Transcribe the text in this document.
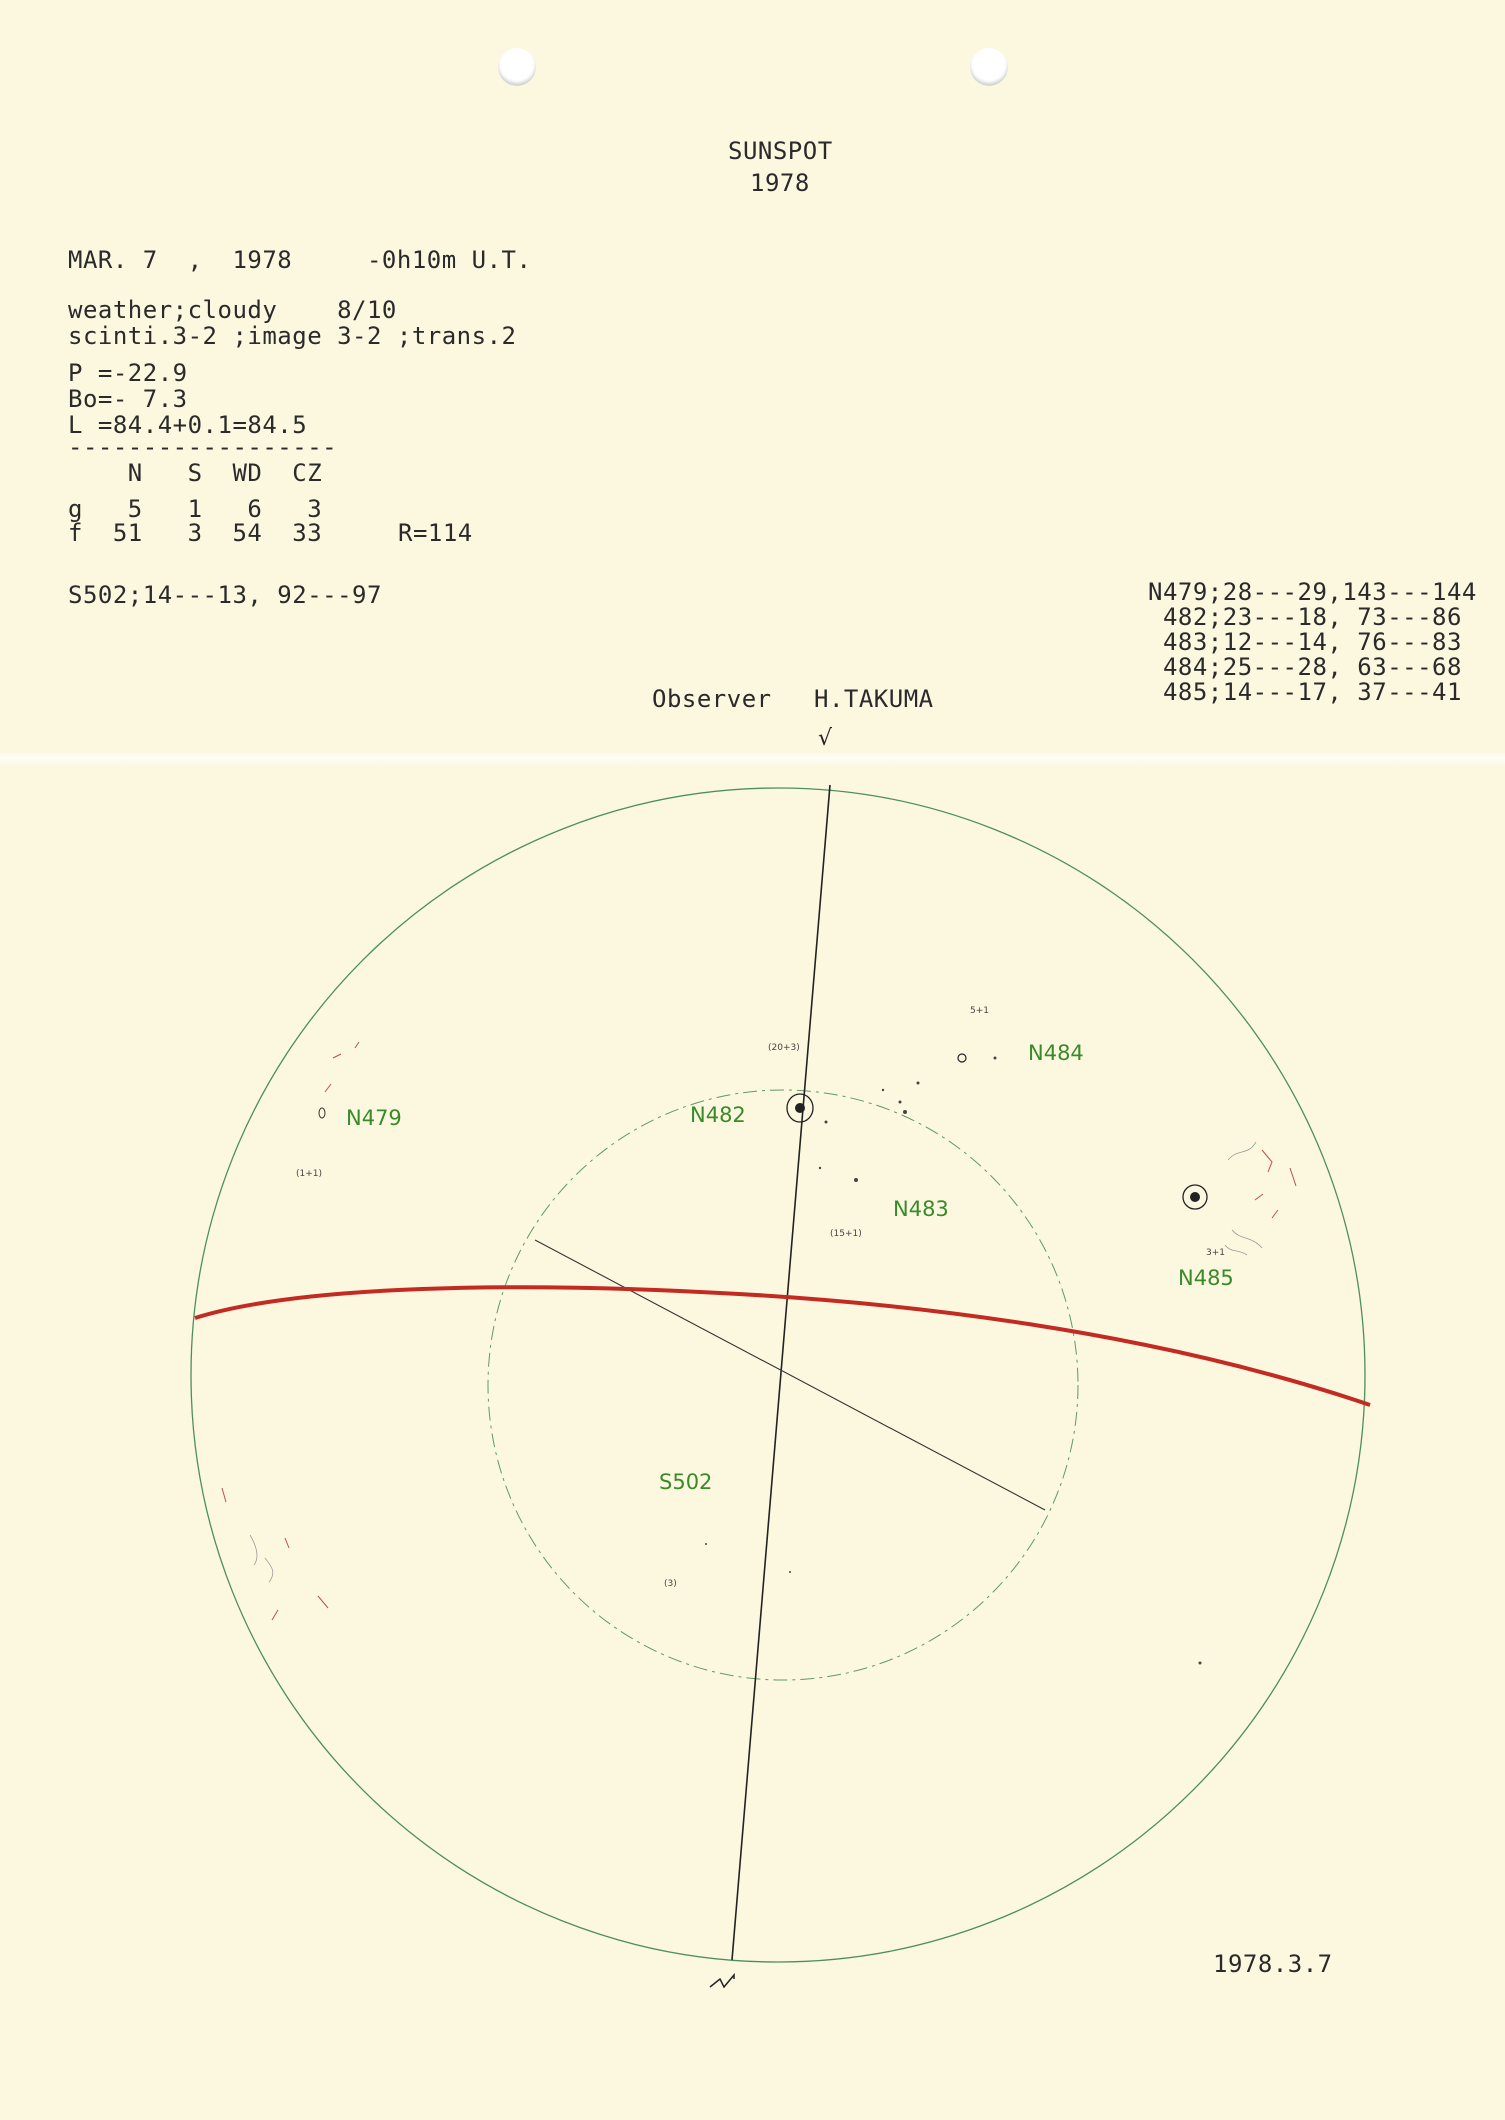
SUNSPOТ
1978
MAR. 7  ,  1978     -0h10m U.T.
weather;cloudy    8/10
scinti.3-2 ;image 3-2 ;trans.2
P =-22.9
Bo=- 7.3
L =84.4+0.1=84.5
------------------
N   S  WD  CZ
g   5   1   6   3
f  51   3  54  33	R=114
S502;14---13, 92---97	N479;28---29,143---144
482;23---18, 73---86
483;12---14, 76---83
484;25---28, 63---68
485;14---17, 37---41
Observer H.TAKUMA
√
N479	N482
N483
N484
N485
S502
(1+1)
(20+3)
(15+1)
5+1
3+1
(3)
1978.3.7
